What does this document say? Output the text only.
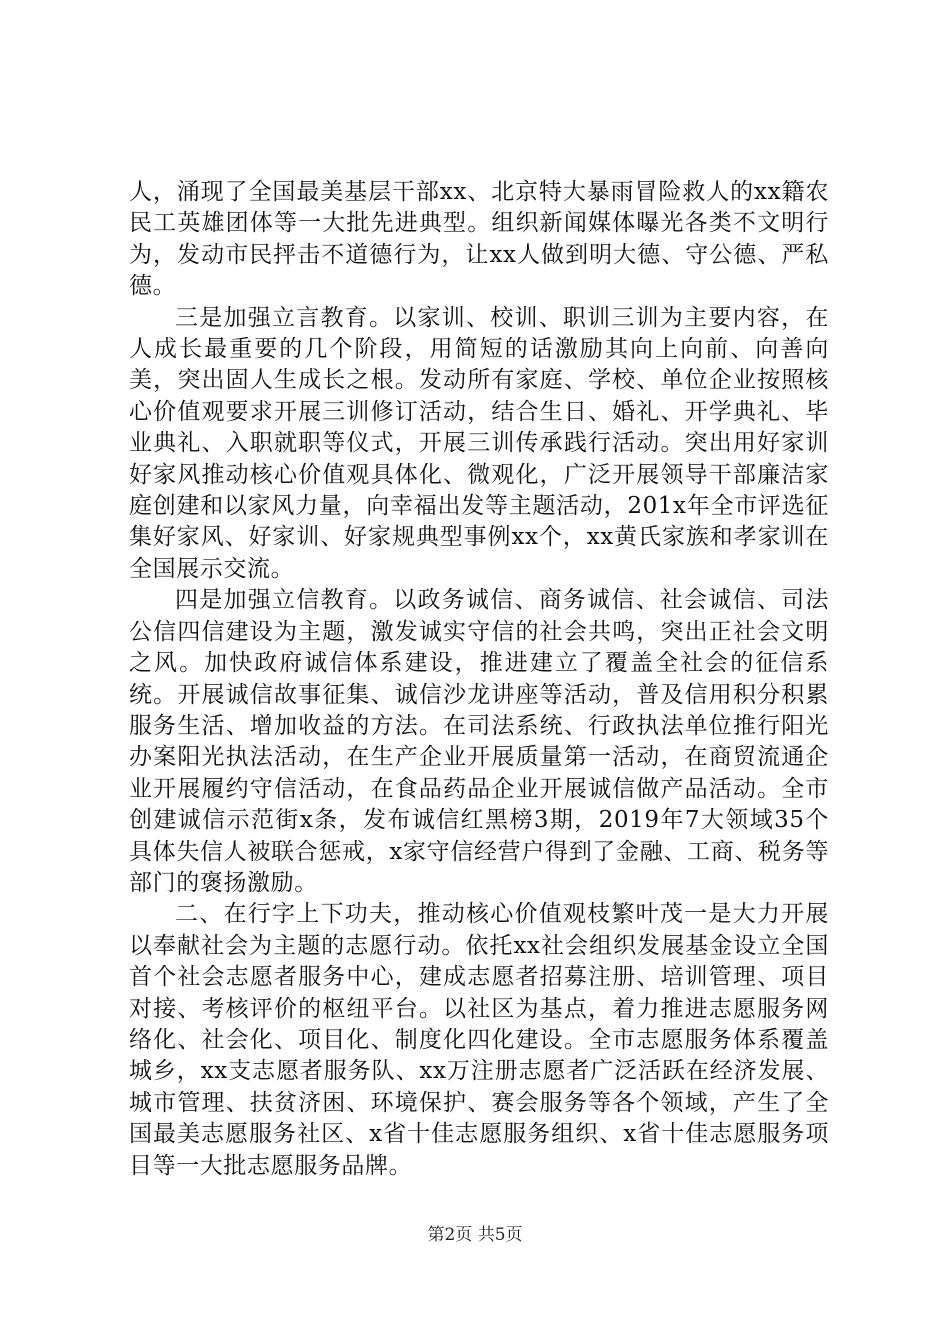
人，涌现了全国最美基层干部xx、北京特大暴雨冒险救人的xx籍农民工英雄团体等一大批先进典型。组织新闻媒体曝光各类不文明行为，发动市民抨击不道德行为，让xx人做到明大德、守公德、严私德。

三是加强立言教育。以家训、校训、职训三训为主要内容，在人成长最重要的几个阶段，用简短的话激励其向上向前、向善向美，突出固人生成长之根。发动所有家庭、学校、单位企业按照核心价值观要求开展三训修订活动，结合生日、婚礼、开学典礼、毕业典礼、入职就职等仪式，开展三训传承践行活动。突出用好家训好家风推动核心价值观具体化、微观化，广泛开展领导干部廉洁家庭创建和以家风力量，向幸福出发等主题活动，201x年全市评选征集好家风、好家训、好家规典型事例xx个，xx黄氏家族和孝家训在全国展示交流。

四是加强立信教育。以政务诚信、商务诚信、社会诚信、司法公信四信建设为主题，激发诚实守信的社会共鸣，突出正社会文明之风。加快政府诚信体系建设，推进建立了覆盖全社会的征信系统。开展诚信故事征集、诚信沙龙讲座等活动，普及信用积分积累服务生活、增加收益的方法。在司法系统、行政执法单位推行阳光办案阳光执法活动，在生产企业开展质量第一活动，在商贸流通企业开展履约守信活动，在食品药品企业开展诚信做产品活动。全市创建诚信示范街x条，发布诚信红黑榜3期，2019年7大领域35个具体失信人被联合惩戒，x家守信经营户得到了金融、工商、税务等部门的褒扬激励。

二、在行字上下功夫，推动核心价值观枝繁叶茂一是大力开展以奉献社会为主题的志愿行动。依托xx社会组织发展基金设立全国首个社会志愿者服务中心，建成志愿者招募注册、培训管理、项目对接、考核评价的枢纽平台。以社区为基点，着力推进志愿服务网络化、社会化、项目化、制度化四化建设。全市志愿服务体系覆盖城乡，xx支志愿者服务队、xx万注册志愿者广泛活跃在经济发展、城市管理、扶贫济困、环境保护、赛会服务等各个领域，产生了全国最美志愿服务社区、x省十佳志愿服务组织、x省十佳志愿服务项目等一大批志愿服务品牌。

第2页 共5页
